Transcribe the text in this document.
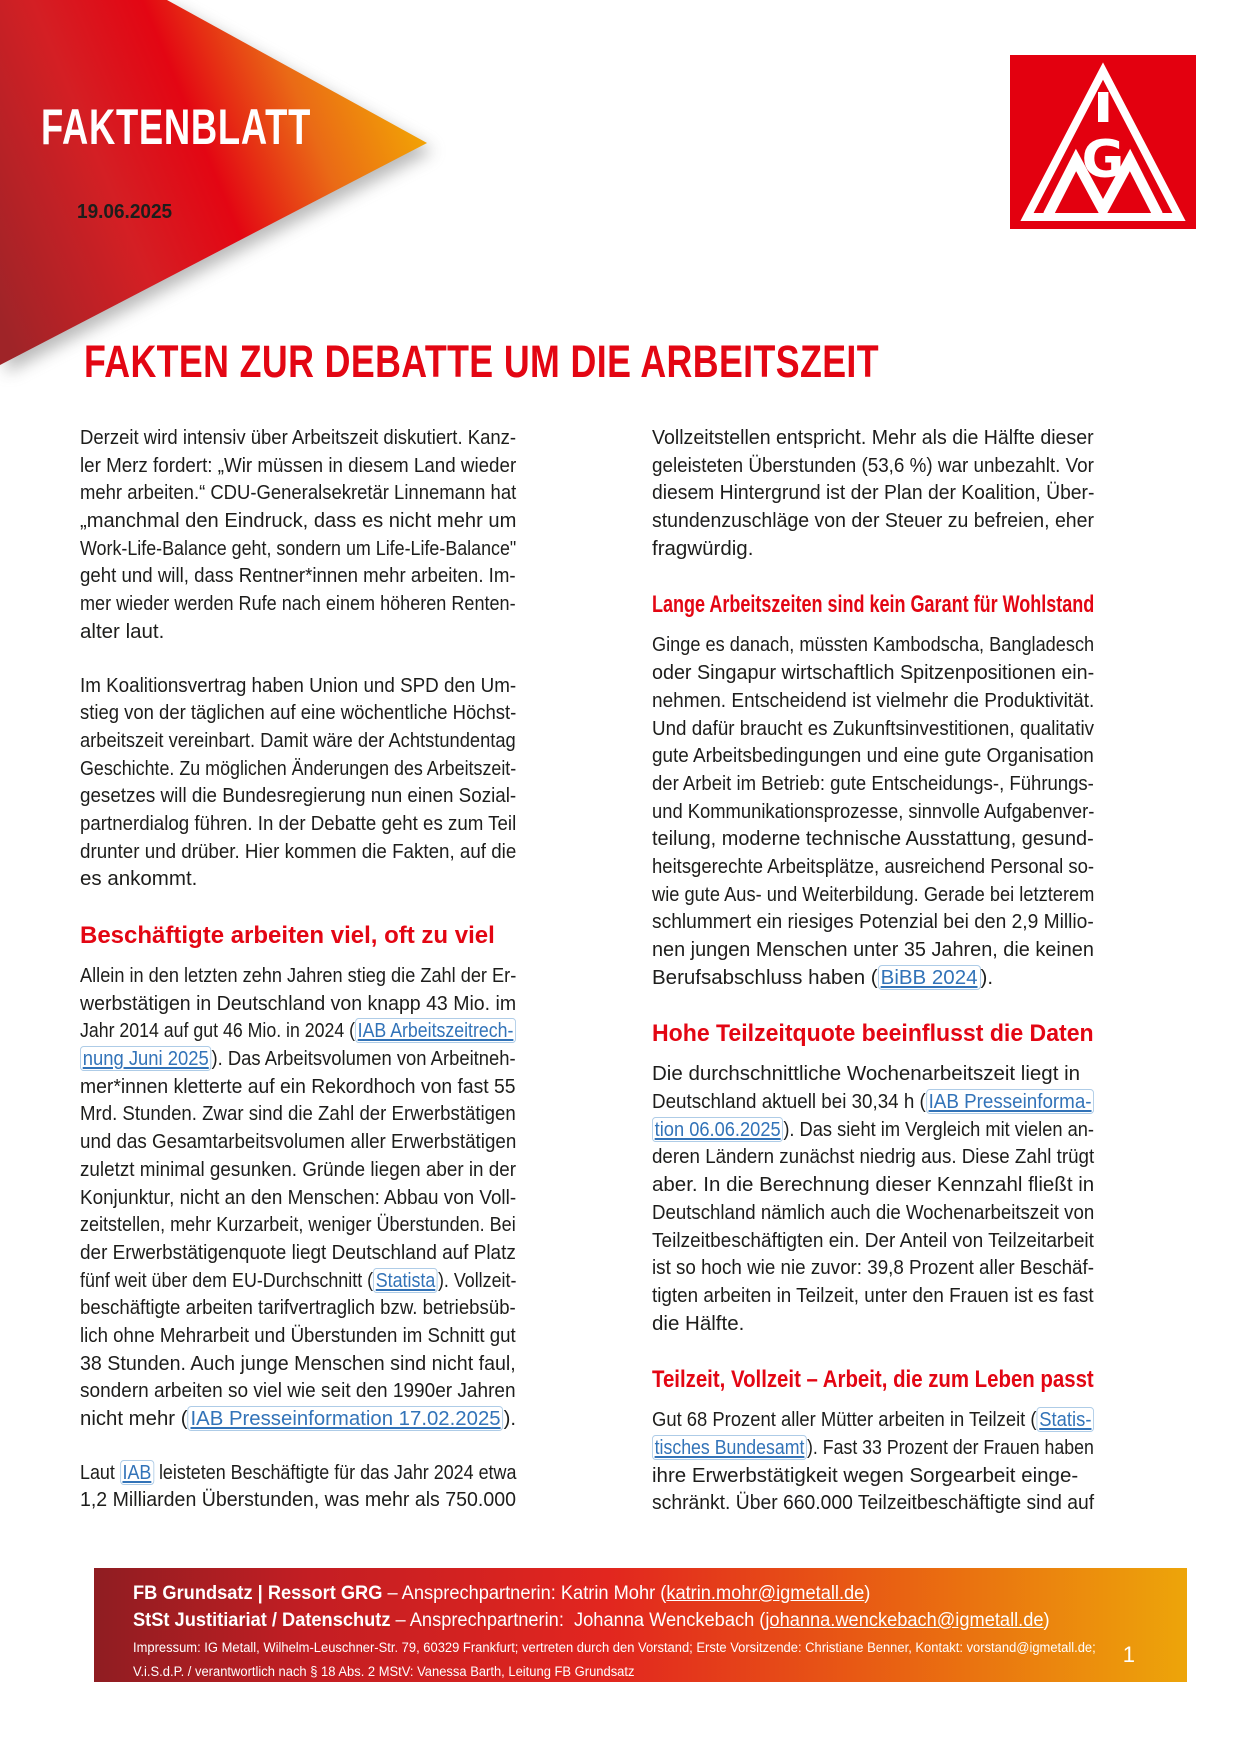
FAKTENBLATT
19.06.2025
G
FAKTEN ZUR DEBATTE UM DIE ARBEITSZEIT
Derzeit wird intensiv über Arbeitszeit diskutiert. Kanz-
ler Merz fordert: „Wir müssen in diesem Land wieder
mehr arbeiten.“ CDU-Generalsekretär Linnemann hat
„manchmal den Eindruck, dass es nicht mehr um
Work-Life-Balance geht, sondern um Life-Life-Balance"
geht und will, dass Rentner*innen mehr arbeiten. Im-
mer wieder werden Rufe nach einem höheren Renten-
alter laut.
Im Koalitionsvertrag haben Union und SPD den Um-
stieg von der täglichen auf eine wöchentliche Höchst-
arbeitszeit vereinbart. Damit wäre der Achtstundentag
Geschichte. Zu möglichen Änderungen des Arbeitszeit-
gesetzes will die Bundesregierung nun einen Sozial-
partnerdialog führen. In der Debatte geht es zum Teil
drunter und drüber. Hier kommen die Fakten, auf die
es ankommt.
Beschäftigte arbeiten viel, oft zu viel
Allein in den letzten zehn Jahren stieg die Zahl der Er-
werbstätigen in Deutschland von knapp 43 Mio. im
Jahr 2014 auf gut 46 Mio. in 2024 ( IAB Arbeitszeitrech-
nung Juni 2025 ). Das Arbeitsvolumen von Arbeitneh-
mer*innen kletterte auf ein Rekordhoch von fast 55
Mrd. Stunden. Zwar sind die Zahl der Erwerbstätigen
und das Gesamtarbeitsvolumen aller Erwerbstätigen
zuletzt minimal gesunken. Gründe liegen aber in der
Konjunktur, nicht an den Menschen: Abbau von Voll-
zeitstellen, mehr Kurzarbeit, weniger Überstunden. Bei
der Erwerbstätigenquote liegt Deutschland auf Platz
fünf weit über dem EU-Durchschnitt ( Statista ). Vollzeit-
beschäftigte arbeiten tarifvertraglich bzw. betriebsüb-
lich ohne Mehrarbeit und Überstunden im Schnitt gut
38 Stunden. Auch junge Menschen sind nicht faul,
sondern arbeiten so viel wie seit den 1990er Jahren
nicht mehr ( IAB Presseinformation 17.02.2025 ).
Laut IAB leisteten Beschäftigte für das Jahr 2024 etwa
1,2 Milliarden Überstunden, was mehr als 750.000
Vollzeitstellen entspricht. Mehr als die Hälfte dieser
geleisteten Überstunden (53,6 %) war unbezahlt. Vor
diesem Hintergrund ist der Plan der Koalition, Über-
stundenzuschläge von der Steuer zu befreien, eher
fragwürdig.
Lange Arbeitszeiten sind kein Garant für Wohlstand
Ginge es danach, müssten Kambodscha, Bangladesch
oder Singapur wirtschaftlich Spitzenpositionen ein-
nehmen. Entscheidend ist vielmehr die Produktivität.
Und dafür braucht es Zukunftsinvestitionen, qualitativ
gute Arbeitsbedingungen und eine gute Organisation
der Arbeit im Betrieb: gute Entscheidungs-, Führungs-
und Kommunikationsprozesse, sinnvolle Aufgabenver-
teilung, moderne technische Ausstattung, gesund-
heitsgerechte Arbeitsplätze, ausreichend Personal so-
wie gute Aus- und Weiterbildung. Gerade bei letzterem
schlummert ein riesiges Potenzial bei den 2,9 Millio-
nen jungen Menschen unter 35 Jahren, die keinen
Berufsabschluss haben ( BiBB 2024 ).
Hohe Teilzeitquote beeinflusst die Daten
Die durchschnittliche Wochenarbeitszeit liegt in
Deutschland aktuell bei 30,34 h ( IAB Presseinforma-
tion 06.06.2025 ). Das sieht im Vergleich mit vielen an-
deren Ländern zunächst niedrig aus. Diese Zahl trügt
aber. In die Berechnung dieser Kennzahl fließt in
Deutschland nämlich auch die Wochenarbeitszeit von
Teilzeitbeschäftigten ein. Der Anteil von Teilzeitarbeit
ist so hoch wie nie zuvor: 39,8 Prozent aller Beschäf-
tigten arbeiten in Teilzeit, unter den Frauen ist es fast
die Hälfte.
Teilzeit, Vollzeit – Arbeit, die zum Leben passt
Gut 68 Prozent aller Mütter arbeiten in Teilzeit ( Statis-
tisches Bundesamt ). Fast 33 Prozent der Frauen haben
ihre Erwerbstätigkeit wegen Sorgearbeit einge-
schränkt. Über 660.000 Teilzeitbeschäftigte sind auf
FB Grundsatz | Ressort GRG – Ansprechpartnerin: Katrin Mohr (katrin.mohr@igmetall.de)
StSt Justitiariat / Datenschutz – Ansprechpartnerin:  Johanna Wenckebach (johanna.wenckebach@igmetall.de)
Impressum: IG Metall, Wilhelm-Leuschner-Str. 79, 60329 Frankfurt; vertreten durch den Vorstand; Erste Vorsitzende: Christiane Benner, Kontakt: vorstand@igmetall.de;
V.i.S.d.P. / verantwortlich nach § 18 Abs. 2 MStV: Vanessa Barth, Leitung FB Grundsatz
1
